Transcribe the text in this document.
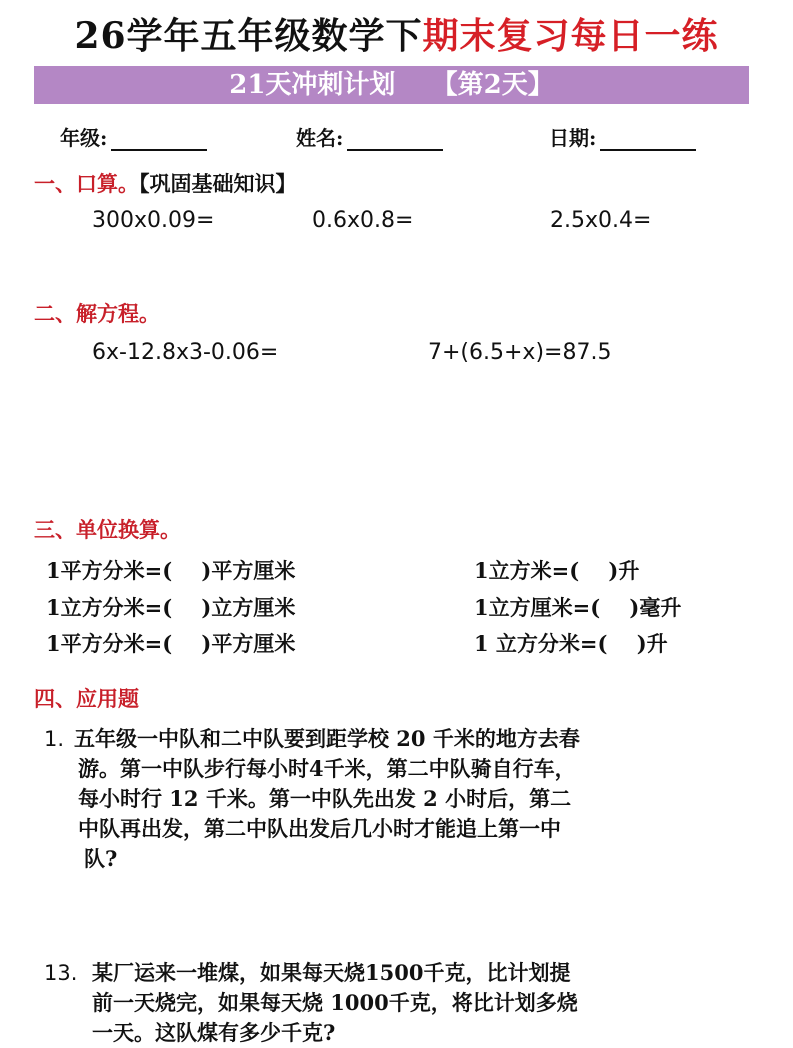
26学年五年级数学下期末复习每日一练
21天冲刺计划    【第2天】
年级:	姓名:	日期:
一、口算。【巩固基础知识】
300x0.09=	0.6x0.8=	2.5x0.4=
二、解方程。
6x-12.8x3-0.06=	7+(6.5+x)=87.5
三、单位换算。
1平方分米=(    )平方厘米	1立方米=(    )升
1立方分米=(    )立方厘米	1立方厘米=(    )毫升
1平方分米=(    )平方厘米	1 立方分米=(    )升
四、应用题
1. 五年级一中队和二中队要到距学校 20 千米的地方去春
游。第一中队步行每小时4千米，第二中队骑自行车，
每小时行 12 千米。第一中队先出发 2 小时后，第二
中队再出发，第二中队出发后几小时才能追上第一中
队?
13. 某厂运来一堆煤，如果每天烧1500千克，比计划提
前一天烧完，如果每天烧 1000千克，将比计划多烧
一天。这队煤有多少千克?
